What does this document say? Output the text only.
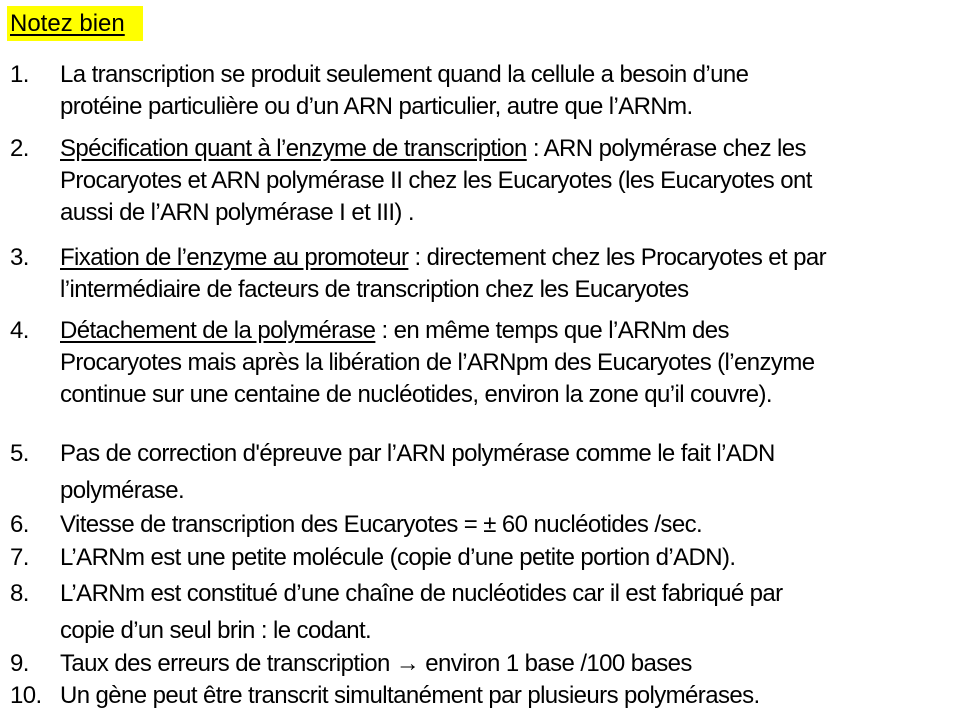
Notez bien
1. La transcription se produit seulement quand la cellule a besoin d’une
protéine particulière ou d’un ARN particulier, autre que l’ARNm.
2. Spécification quant à l’enzyme de transcription : ARN polymérase chez les
Procaryotes et ARN polymérase II chez les Eucaryotes (les Eucaryotes ont
aussi de l’ARN polymérase I et III) .
3. Fixation de l’enzyme au promoteur : directement chez les Procaryotes et par
l’intermédiaire de facteurs de transcription chez les Eucaryotes
4. Détachement de la polymérase : en même temps que l’ARNm des
Procaryotes mais après la libération de l’ARNpm des Eucaryotes (l’enzyme
continue sur une centaine de nucléotides, environ la zone qu’il couvre).
5. Pas de correction d'épreuve par l’ARN polymérase comme le fait l’ADN
polymérase.
6. Vitesse de transcription des Eucaryotes = ± 60 nucléotides /sec.
7. L’ARNm est une petite molécule (copie d’une petite portion d’ADN).
8. L’ARNm est constitué d’une chaîne de nucléotides car il est fabriqué par
copie d’un seul brin : le codant.
9. Taux des erreurs de transcription → environ 1 base /100 bases
10. Un gène peut être transcrit simultanément par plusieurs polymérases.
